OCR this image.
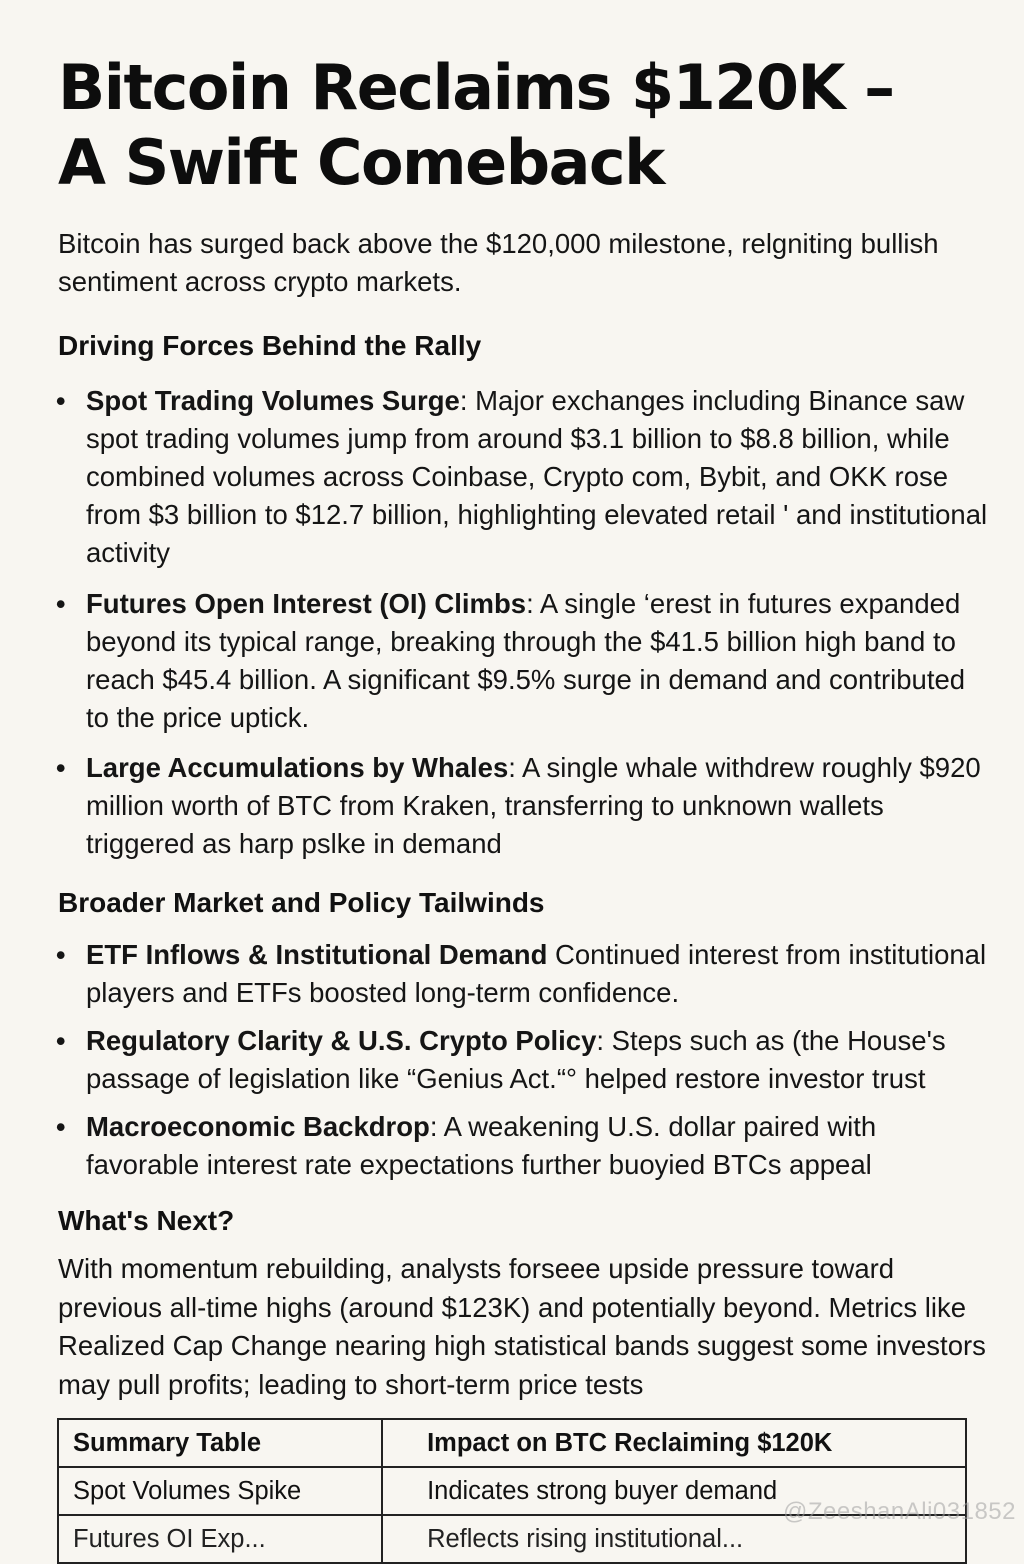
Bitcoin Reclaims $120K –
A Swift Comeback

Bitcoin has surged back above the $120,000 milestone, relgniting bullish sentiment across crypto markets.

Driving Forces Behind the Rally

• Spot Trading Volumes Surge: Major exchanges including Binance saw spot trading volumes jump from around $3.1 billion to $8.8 billion, while combined volumes across Coinbase, Crypto com, Bybit, and OKK rose from $3 billion to $12.7 billion, highlighting elevated retail ' and institutional activity

• Futures Open Interest (OI) Climbs: A single ‘erest in futures expanded beyond its typical range, breaking through the $41.5 billion high band to reach $45.4 billion. A significant $9.5% surge in demand and contributed to the price uptick.

• Large Accumulations by Whales: A single whale withdrew roughly $920 million worth of BTC from Kraken, transferring to unknown wallets triggered as harp pslke in demand

Broader Market and Policy Tailwinds

• ETF Inflows & Institutional Demand Continued interest from institutional players and ETFs boosted long-term confidence.

• Regulatory Clarity & U.S. Crypto Policy: Steps such as (the House's passage of legislation like “Genius Act.“° helped restore investor trust

• Macroeconomic Backdrop: A weakening U.S. dollar paired with favorable interest rate expectations further buoyied BTCs appeal

What's Next?

With momentum rebuilding, analysts forseee upside pressure toward previous all-time highs (around $123K) and potentially beyond. Metrics like Realized Cap Change nearing high statistical bands suggest some investors may pull profits; leading to short-term price tests

Summary Table	Impact on BTC Reclaiming $120K
Spot Volumes Spike	Indicates strong buyer demand
Futures OI Exp...	Reflects rising institutional...
@ZeeshanAli031852
